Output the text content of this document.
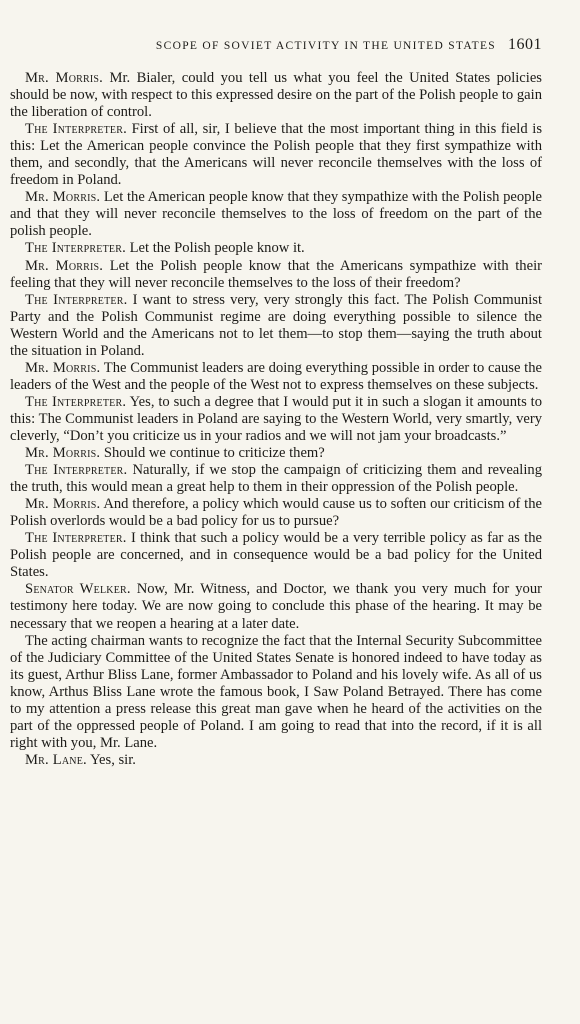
SCOPE OF SOVIET ACTIVITY IN THE UNITED STATES 1601

Mr. Morris. Mr. Bialer, could you tell us what you feel the United States policies should be now, with respect to this expressed desire on the part of the Polish people to gain the liberation of control.

The Interpreter. First of all, sir, I believe that the most important thing in this field is this: Let the American people convince the Polish people that they first sympathize with them, and secondly, that the Americans will never reconcile themselves with the loss of freedom in Poland.

Mr. Morris. Let the American people know that they sympathize with the Polish people and that they will never reconcile themselves to the loss of freedom on the part of the polish people.

The Interpreter. Let the Polish people know it.

Mr. Morris. Let the Polish people know that the Americans sympathize with their feeling that they will never reconcile themselves to the loss of their freedom?

The Interpreter. I want to stress very, very strongly this fact. The Polish Communist Party and the Polish Communist regime are doing everything possible to silence the Western World and the Americans not to let them—to stop them—saying the truth about the situation in Poland.

Mr. Morris. The Communist leaders are doing everything possible in order to cause the leaders of the West and the people of the West not to express themselves on these subjects.

The Interpreter. Yes, to such a degree that I would put it in such a slogan it amounts to this: The Communist leaders in Poland are saying to the Western World, very smartly, very cleverly, “Don’t you criticize us in your radios and we will not jam your broadcasts.”

Mr. Morris. Should we continue to criticize them?

The Interpreter. Naturally, if we stop the campaign of criticizing them and revealing the truth, this would mean a great help to them in their oppression of the Polish people.

Mr. Morris. And therefore, a policy which would cause us to soften our criticism of the Polish overlords would be a bad policy for us to pursue?

The Interpreter. I think that such a policy would be a very terrible policy as far as the Polish people are concerned, and in consequence would be a bad policy for the United States.

Senator Welker. Now, Mr. Witness, and Doctor, we thank you very much for your testimony here today. We are now going to conclude this phase of the hearing. It may be necessary that we reopen a hearing at a later date.

The acting chairman wants to recognize the fact that the Internal Security Subcommittee of the Judiciary Committee of the United States Senate is honored indeed to have today as its guest, Arthur Bliss Lane, former Ambassador to Poland and his lovely wife. As all of us know, Arthus Bliss Lane wrote the famous book, I Saw Poland Betrayed. There has come to my attention a press release this great man gave when he heard of the activities on the part of the oppressed people of Poland. I am going to read that into the record, if it is all right with you, Mr. Lane.

Mr. Lane. Yes, sir.
